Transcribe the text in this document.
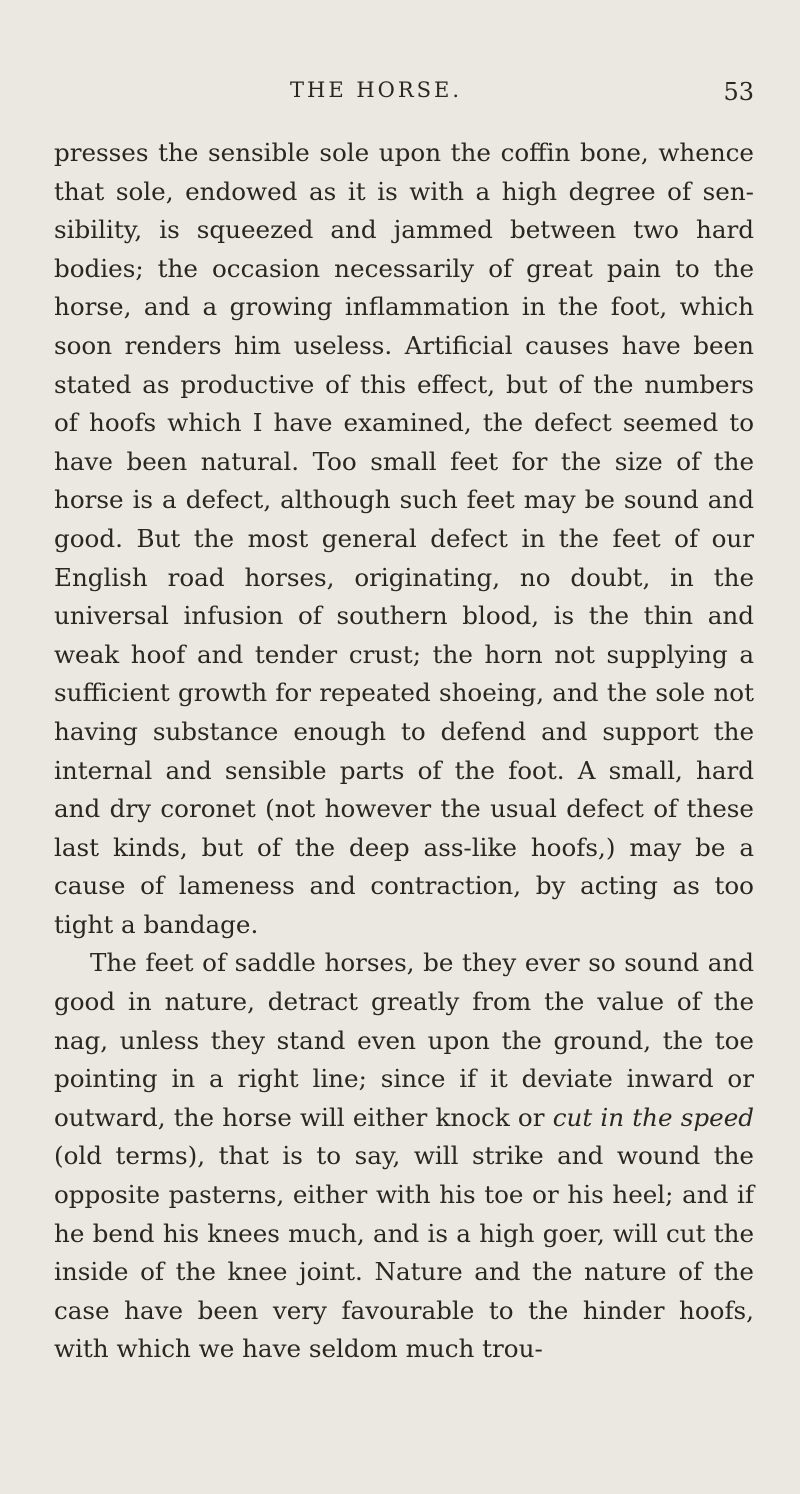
THE HORSE.	53

presses the sensible sole upon the coffin bone, whence that sole, endowed as it is with a high degree of sen-sibility, is squeezed and jammed between two hard bodies; the occasion necessarily of great pain to the horse, and a growing inflammation in the foot, which soon renders him useless. Artificial causes have been stated as productive of this effect, but of the numbers of hoofs which I have examined, the defect seemed to have been natural. Too small feet for the size of the horse is a defect, although such feet may be sound and good. But the most general defect in the feet of our English road horses, originating, no doubt, in the universal infusion of southern blood, is the thin and weak hoof and tender crust; the horn not supplying a sufficient growth for repeated shoeing, and the sole not having substance enough to defend and support the internal and sensible parts of the foot. A small, hard and dry coronet (not however the usual defect of these last kinds, but of the deep ass-like hoofs,) may be a cause of lameness and contraction, by acting as too tight a bandage.

The feet of saddle horses, be they ever so sound and good in nature, detract greatly from the value of the nag, unless they stand even upon the ground, the toe pointing in a right line; since if it deviate inward or outward, the horse will either knock or cut in the speed (old terms), that is to say, will strike and wound the opposite pasterns, either with his toe or his heel; and if he bend his knees much, and is a high goer, will cut the inside of the knee joint. Nature and the nature of the case have been very favourable to the hinder hoofs, with which we have seldom much trou-
